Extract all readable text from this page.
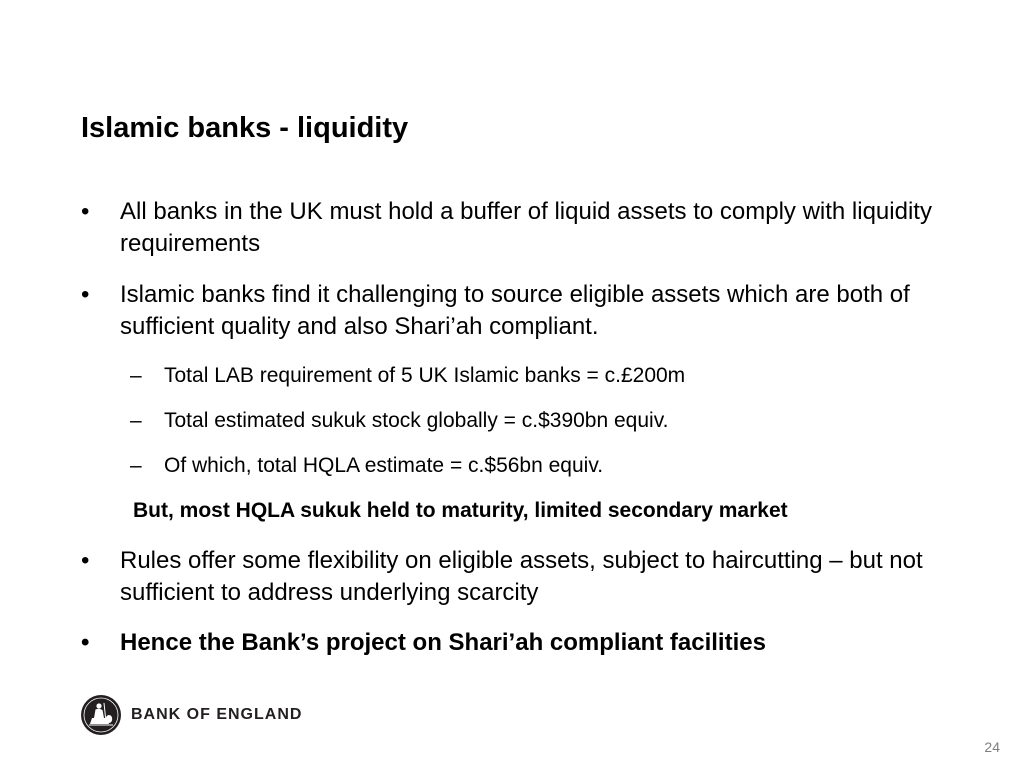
Islamic banks - liquidity
•	All banks in the UK must hold a buffer of liquid assets to comply with liquidity requirements
•	Islamic banks find it challenging to source eligible assets which are both of sufficient quality and also Shari’ah compliant.
– Total LAB requirement of 5 UK Islamic banks = c.£200m
– Total estimated sukuk stock globally = c.$390bn equiv.
– Of which, total HQLA estimate = c.$56bn equiv.
But, most HQLA sukuk held to maturity, limited secondary market
•	Rules offer some flexibility on eligible assets, subject to haircutting – but not sufficient to address underlying scarcity
•	Hence the Bank’s project on Shari’ah compliant facilities
BANK OF ENGLAND
24
